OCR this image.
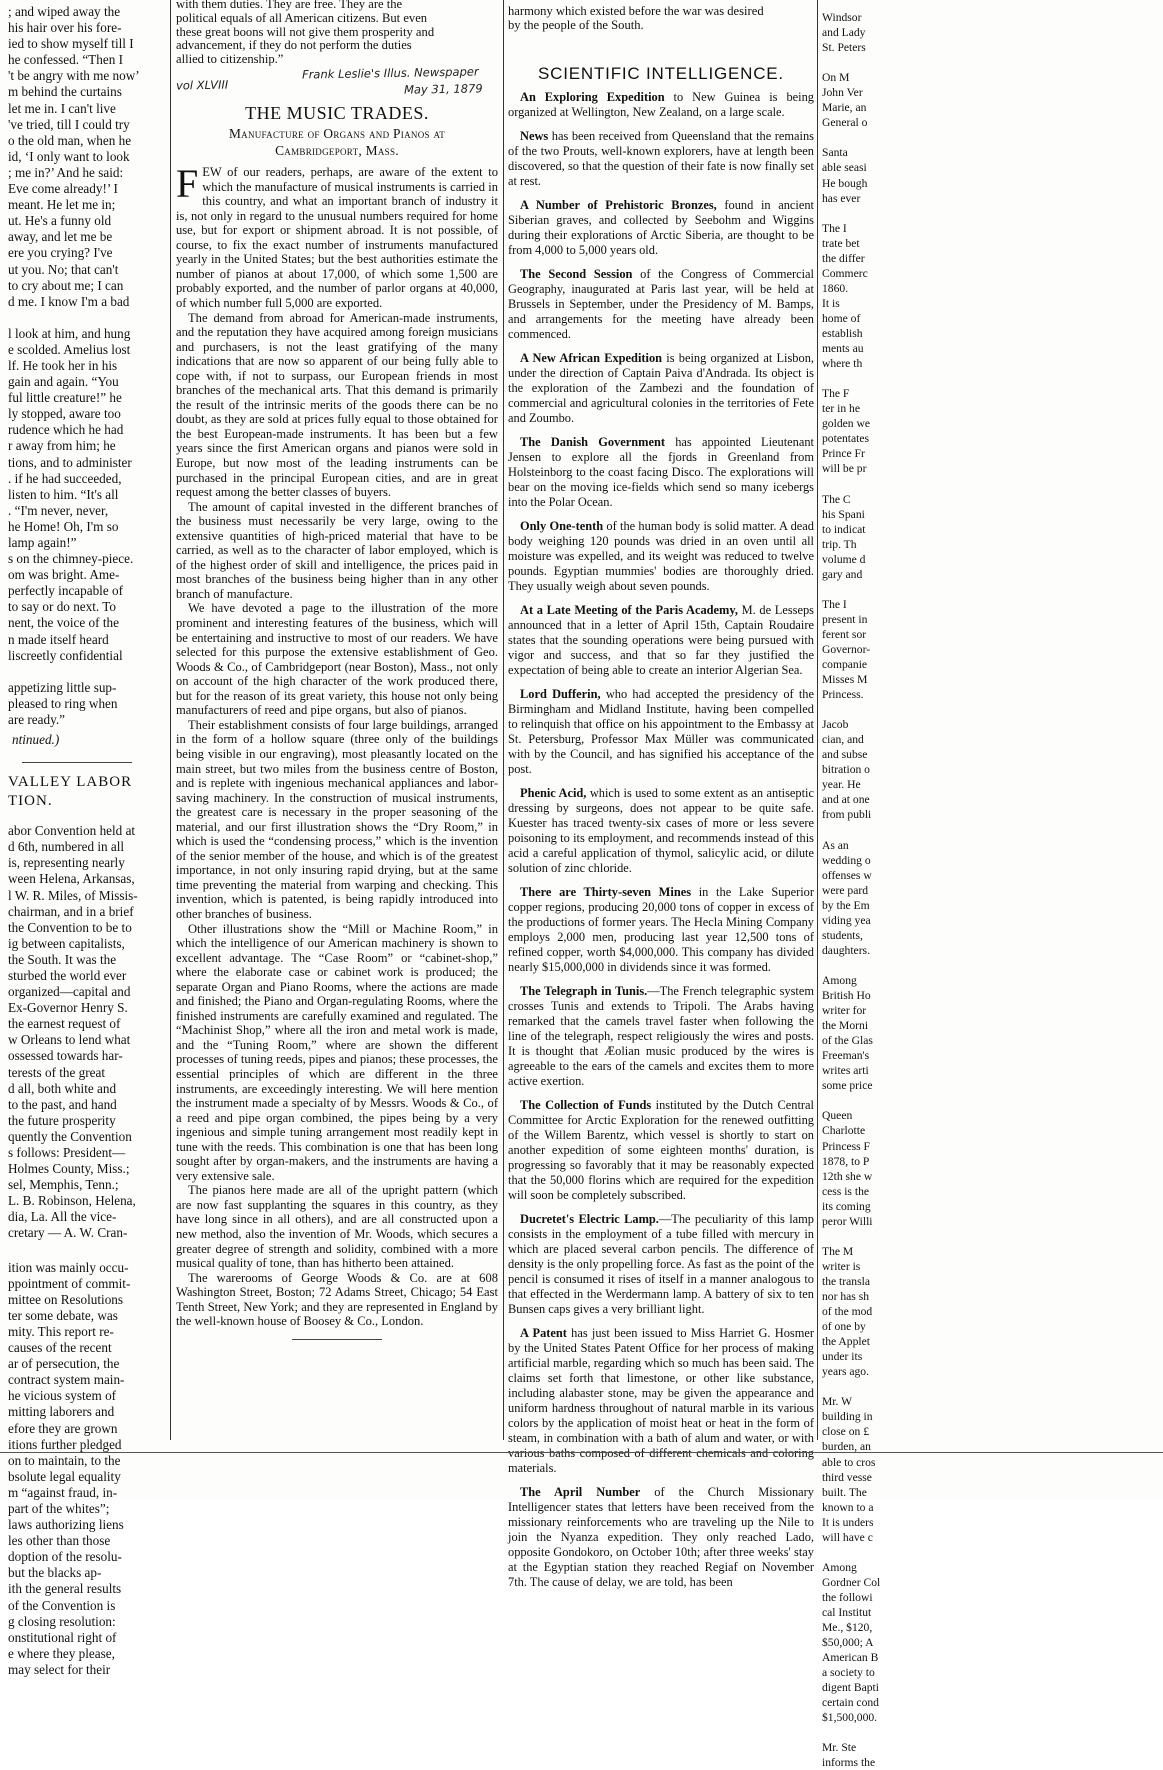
; and wiped away the
his hair over his fore-
ied to show myself till I
he confessed. “Then I
't be angry with me now’
m behind the curtains
let me in. I can't live
've tried, till I could try
o the old man, when he
id, ‘I only want to look
; me in?’ And he said:
Eve come already!’ I
meant. He let me in;
ut. He's a funny old
away, and let me be
ere you crying? I've
ut you. No; that can't
to cry about me; I can
d me. I know I'm a bad
l look at him, and hung
e scolded. Amelius lost
lf. He took her in his
gain and again. “You
ful little creature!” he
ly stopped, aware too
rudence which he had
r away from him; he
tions, and to administer
. if he had succeeded,
listen to him. “It's all
. “I'm never, never,
he Home! Oh, I'm so
lamp again!”
s on the chimney-piece.
om was bright. Ame-
perfectly incapable of
to say or do next. To
nent, the voice of the
n made itself heard
liscreetly confidential
appetizing little sup-
pleased to ring when
are ready.”
ntinued.)
VALLEY LABOR
TION.
abor Convention held at
d 6th, numbered in all
is, representing nearly
ween Helena, Arkansas,
l W. R. Miles, of Missis-
chairman, and in a brief
the Convention to be to
ig between capitalists,
the South. It was the
sturbed the world ever
organized—capital and
Ex-Governor Henry S.
the earnest request of
w Orleans to lend what
ossessed towards har-
terests of the great
d all, both white and
to the past, and hand
the future prosperity
quently the Convention
s follows: President—
Holmes County, Miss.;
sel, Memphis, Tenn.;
L. B. Robinson, Helena,
dia, La. All the vice-
cretary — A. W. Cran-
ition was mainly occu-
ppointment of commit-
mittee on Resolutions
ter some debate, was
mity. This report re-
causes of the recent
ar of persecution, the
contract system main-
he vicious system of
mitting laborers and
efore they are grown
itions further pledged
on to maintain, to the
bsolute legal equality
m “against fraud, in-
part of the whites”;
laws authorizing liens
les other than those
doption of the resolu-
but the blacks ap-
ith the general results
of the Convention is
g closing resolution:
onstitutional right of
e where they please,
may select for their
with them duties. They are free. They are the
political equals of all American citizens. But even
these great boons will not give them prosperity and
advancement, if they do not perform the duties
allied to citizenship.”
THE MUSIC TRADES.
Manufacture of Organs and Pianos at
Cambridgeport, Mass.

FEW of our readers, perhaps, are aware of the extent to which the manufacture of musical instruments is carried in this country, and what an important branch of industry it is, not only in regard to the unusual numbers required for home use, but for export or shipment abroad. It is not possible, of course, to fix the exact number of instruments manufactured yearly in the United States; but the best authorities estimate the number of pianos at about 17,000, of which some 1,500 are probably exported, and the number of parlor organs at 40,000, of which number full 5,000 are exported.

The demand from abroad for American-made instruments, and the reputation they have acquired among foreign musicians and purchasers, is not the least gratifying of the many indications that are now so apparent of our being fully able to cope with, if not to surpass, our European friends in most branches of the mechanical arts. That this demand is primarily the result of the intrinsic merits of the goods there can be no doubt, as they are sold at prices fully equal to those obtained for the best European-made instruments. It has been but a few years since the first American organs and pianos were sold in Europe, but now most of the leading instruments can be purchased in the principal European cities, and are in great request among the better classes of buyers.

The amount of capital invested in the different branches of the business must necessarily be very large, owing to the extensive quantities of high-priced material that have to be carried, as well as to the character of labor employed, which is of the highest order of skill and intelligence, the prices paid in most branches of the business being higher than in any other branch of manufacture.

We have devoted a page to the illustration of the more prominent and interesting features of the business, which will be entertaining and instructive to most of our readers. We have selected for this purpose the extensive establishment of Geo. Woods & Co., of Cambridgeport (near Boston), Mass., not only on account of the high character of the work produced there, but for the reason of its great variety, this house not only being manufacturers of reed and pipe organs, but also of pianos.

Their establishment consists of four large buildings, arranged in the form of a hollow square (three only of the buildings being visible in our engraving), most pleasantly located on the main street, but two miles from the business centre of Boston, and is replete with ingenious mechanical appliances and labor-saving machinery. In the construction of musical instruments, the greatest care is necessary in the proper seasoning of the material, and our first illustration shows the “Dry Room,” in which is used the “condensing process,” which is the invention of the senior member of the house, and which is of the greatest importance, in not only insuring rapid drying, but at the same time preventing the material from warping and checking. This invention, which is patented, is being rapidly introduced into other branches of business.

Other illustrations show the “Mill or Machine Room,” in which the intelligence of our American machinery is shown to excellent advantage. The “Case Room” or “cabinet-shop,” where the elaborate case or cabinet work is produced; the separate Organ and Piano Rooms, where the actions are made and finished; the Piano and Organ-regulating Rooms, where the finished instruments are carefully examined and regulated. The “Machinist Shop,” where all the iron and metal work is made, and the “Tuning Room,” where are shown the different processes of tuning reeds, pipes and pianos; these processes, the essential principles of which are different in the three instruments, are exceedingly interesting. We will here mention the instrument made a specialty of by Messrs. Woods & Co., of a reed and pipe organ combined, the pipes being by a very ingenious and simple tuning arrangement most readily kept in tune with the reeds. This combination is one that has been long sought after by organ-makers, and the instruments are having a very extensive sale.

The pianos here made are all of the upright pattern (which are now fast supplanting the squares in this country, as they have long since in all others), and are all constructed upon a new method, also the invention of Mr. Woods, which secures a greater degree of strength and solidity, combined with a more musical quality of tone, than has hitherto been attained.

The warerooms of George Woods & Co. are at 608 Washington Street, Boston; 72 Adams Street, Chicago; 54 East Tenth Street, New York; and they are represented in England by the well-known house of Boosey & Co., London.

vol XLVIII
Frank Leslie's Illus. Newspaper
May 31, 1879
harmony which existed before the war was desired
by the people of the South.
SCIENTIFIC INTELLIGENCE.

An Exploring Expedition to New Guinea is being organized at Wellington, New Zealand, on a large scale.

News has been received from Queensland that the remains of the two Prouts, well-known explorers, have at length been discovered, so that the question of their fate is now finally set at rest.

A Number of Prehistoric Bronzes, found in ancient Siberian graves, and collected by Seebohm and Wiggins during their explorations of Arctic Siberia, are thought to be from 4,000 to 5,000 years old.

The Second Session of the Congress of Commercial Geography, inaugurated at Paris last year, will be held at Brussels in September, under the Presidency of M. Bamps, and arrangements for the meeting have already been commenced.

A New African Expedition is being organized at Lisbon, under the direction of Captain Paiva d'Andrada. Its object is the exploration of the Zambezi and the foundation of commercial and agricultural colonies in the territories of Fete and Zoumbo.

The Danish Government has appointed Lieutenant Jensen to explore all the fjords in Greenland from Holsteinborg to the coast facing Disco. The explorations will bear on the moving ice-fields which send so many icebergs into the Polar Ocean.

Only One-tenth of the human body is solid matter. A dead body weighing 120 pounds was dried in an oven until all moisture was expelled, and its weight was reduced to twelve pounds. Egyptian mummies' bodies are thoroughly dried. They usually weigh about seven pounds.

At a Late Meeting of the Paris Academy, M. de Lesseps announced that in a letter of April 15th, Captain Roudaire states that the sounding operations were being pursued with vigor and success, and that so far they justified the expectation of being able to create an interior Algerian Sea.

Lord Dufferin, who had accepted the presidency of the Birmingham and Midland Institute, having been compelled to relinquish that office on his appointment to the Embassy at St. Petersburg, Professor Max Müller was communicated with by the Council, and has signified his acceptance of the post.

Phenic Acid, which is used to some extent as an antiseptic dressing by surgeons, does not appear to be quite safe. Kuester has traced twenty-six cases of more or less severe poisoning to its employment, and recommends instead of this acid a careful application of thymol, salicylic acid, or dilute solution of zinc chloride.

There are Thirty-seven Mines in the Lake Superior copper regions, producing 20,000 tons of copper in excess of the productions of former years. The Hecla Mining Company employs 2,000 men, producing last year 12,500 tons of refined copper, worth $4,000,000. This company has divided nearly $15,000,000 in dividends since it was formed.

The Telegraph in Tunis.—The French telegraphic system crosses Tunis and extends to Tripoli. The Arabs having remarked that the camels travel faster when following the line of the telegraph, respect religiously the wires and posts. It is thought that Æolian music produced by the wires is agreeable to the ears of the camels and excites them to more active exertion.

The Collection of Funds instituted by the Dutch Central Committee for Arctic Exploration for the renewed outfitting of the Willem Barentz, which vessel is shortly to start on another expedition of some eighteen months' duration, is progressing so favorably that it may be reasonably expected that the 50,000 florins which are required for the expedition will soon be completely subscribed.

Ducretet's Electric Lamp.—The peculiarity of this lamp consists in the employment of a tube filled with mercury in which are placed several carbon pencils. The difference of density is the only propelling force. As fast as the point of the pencil is consumed it rises of itself in a manner analogous to that effected in the Werdermann lamp. A battery of six to ten Bunsen caps gives a very brilliant light.

A Patent has just been issued to Miss Harriet G. Hosmer by the United States Patent Office for her process of making artificial marble, regarding which so much has been said. The claims set forth that limestone, or other like substance, including alabaster stone, may be given the appearance and uniform hardness throughout of natural marble in its various colors by the application of moist heat or heat in the form of steam, in combination with a bath of alum and water, or with various baths composed of different chemicals and coloring materials.

The April Number of the Church Missionary Intelligencer states that letters have been received from the missionary reinforcements who are traveling up the Nile to join the Nyanza expedition. They only reached Lado, opposite Gondokoro, on October 10th; after three weeks' stay at the Egyptian station they reached Regiaf on November 7th. The cause of delay, we are told, has been

Windsor
and Lady
St. Peters
On M
John Ver
Marie, an
General o
Santa
able seasi
He bough
has ever
The I
trate bet
the differ
Commerc
1860.
It is
home of
establish
ments au
where th
The F
ter in he
golden we
potentates
Prince Fr
will be pr
The C
his Spani
to indicat
trip. Th
volume d
gary and
The I
present in
ferent sor
Governor-
companie
Misses M
Princess.
Jacob
cian, and
and subse
bitration o
year. He
and at one
from publi
As an
wedding o
offenses w
were pard
by the Em
viding yea
students,
daughters.
Among
British Ho
writer for
the Morni
of the Glas
Freeman's
writes arti
some price
Queen
Charlotte
Princess F
1878, to P
12th she w
cess is the
its coming
peror Willi
The M
writer is
the transla
nor has sh
of the mod
of one by
the Applet
under its
years ago.
Mr. W
building in
close on £
burden, an
able to cros
third vesse
built. The
known to a
It is unders
will have c
Among
Gordner Col
the followi
cal Institut
Me., $120,
$50,000; A
American B
a society to
digent Bapti
certain cond
$1,500,000.
Mr. Ste
informs the
